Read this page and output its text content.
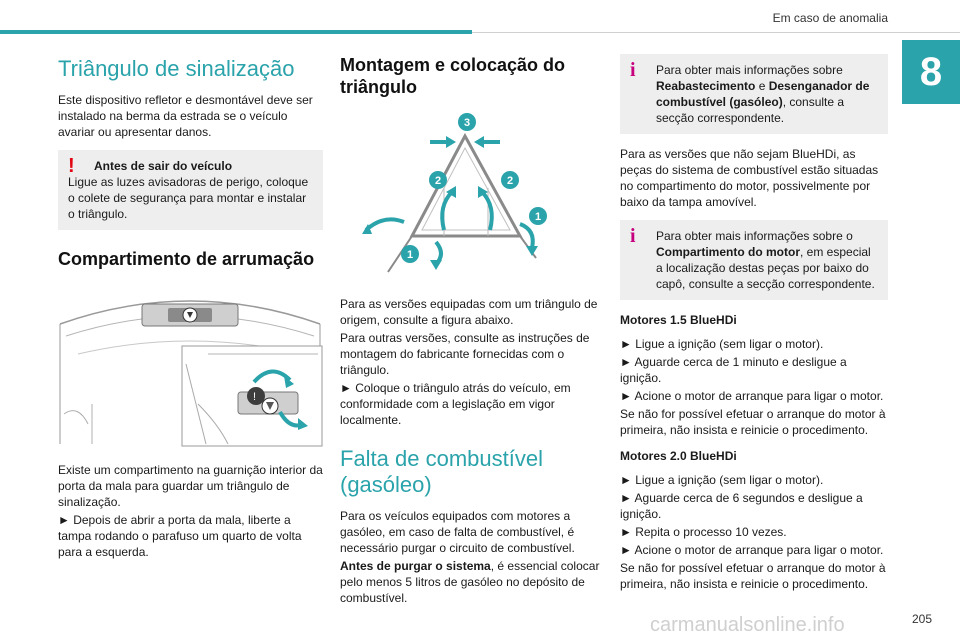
Em caso de anomalia
8
Triângulo de sinalização

Este dispositivo refletor e desmontável deve ser instalado na berma da estrada se o veículo avariar ou apresentar danos.

! Antes de sair do veículo
Ligue as luzes avisadoras de perigo, coloque o colete de segurança para montar e instalar o triângulo.
Compartimento de arrumação
!

Existe um compartimento na guarnição interior da porta da mala para guardar um triângulo de sinalização.

► Depois de abrir a porta da mala, liberte a tampa rodando o parafuso um quarto de volta para a esquerda.

Montagem e colocação do triângulo
3
2	2
1
1

Para as versões equipadas com um triângulo de origem, consulte a figura abaixo.

Para outras versões, consulte as instruções de montagem do fabricante fornecidas com o triângulo.

► Coloque o triângulo atrás do veículo, em conformidade com a legislação em vigor localmente.

Falta de combustível (gasóleo)

Para os veículos equipados com motores a gasóleo, em caso de falta de combustível, é necessário purgar o circuito de combustível.

Antes de purgar o sistema, é essencial colocar pelo menos 5 litros de gasóleo no depósito de combustível.

i Para obter mais informações sobre Reabastecimento e Desenganador de combustível (gasóleo), consulte a secção correspondente.

Para as versões que não sejam BlueHDi, as peças do sistema de combustível estão situadas no compartimento do motor, possivelmente por baixo da tampa amovível.

i Para obter mais informações sobre o Compartimento do motor, em especial a localização destas peças por baixo do capô, consulte a secção correspondente.

Motores 1.5 BlueHDi

► Ligue a ignição (sem ligar o motor).

► Aguarde cerca de 1 minuto e desligue a ignição.

► Acione o motor de arranque para ligar o motor.

Se não for possível efetuar o arranque do motor à primeira, não insista e reinicie o procedimento.

Motores 2.0 BlueHDi

► Ligue a ignição (sem ligar o motor).

► Aguarde cerca de 6 segundos e desligue a ignição.

► Repita o processo 10 vezes.

► Acione o motor de arranque para ligar o motor.

Se não for possível efetuar o arranque do motor à primeira, não insista e reinicie o procedimento.

carmanualsonline.info	205
